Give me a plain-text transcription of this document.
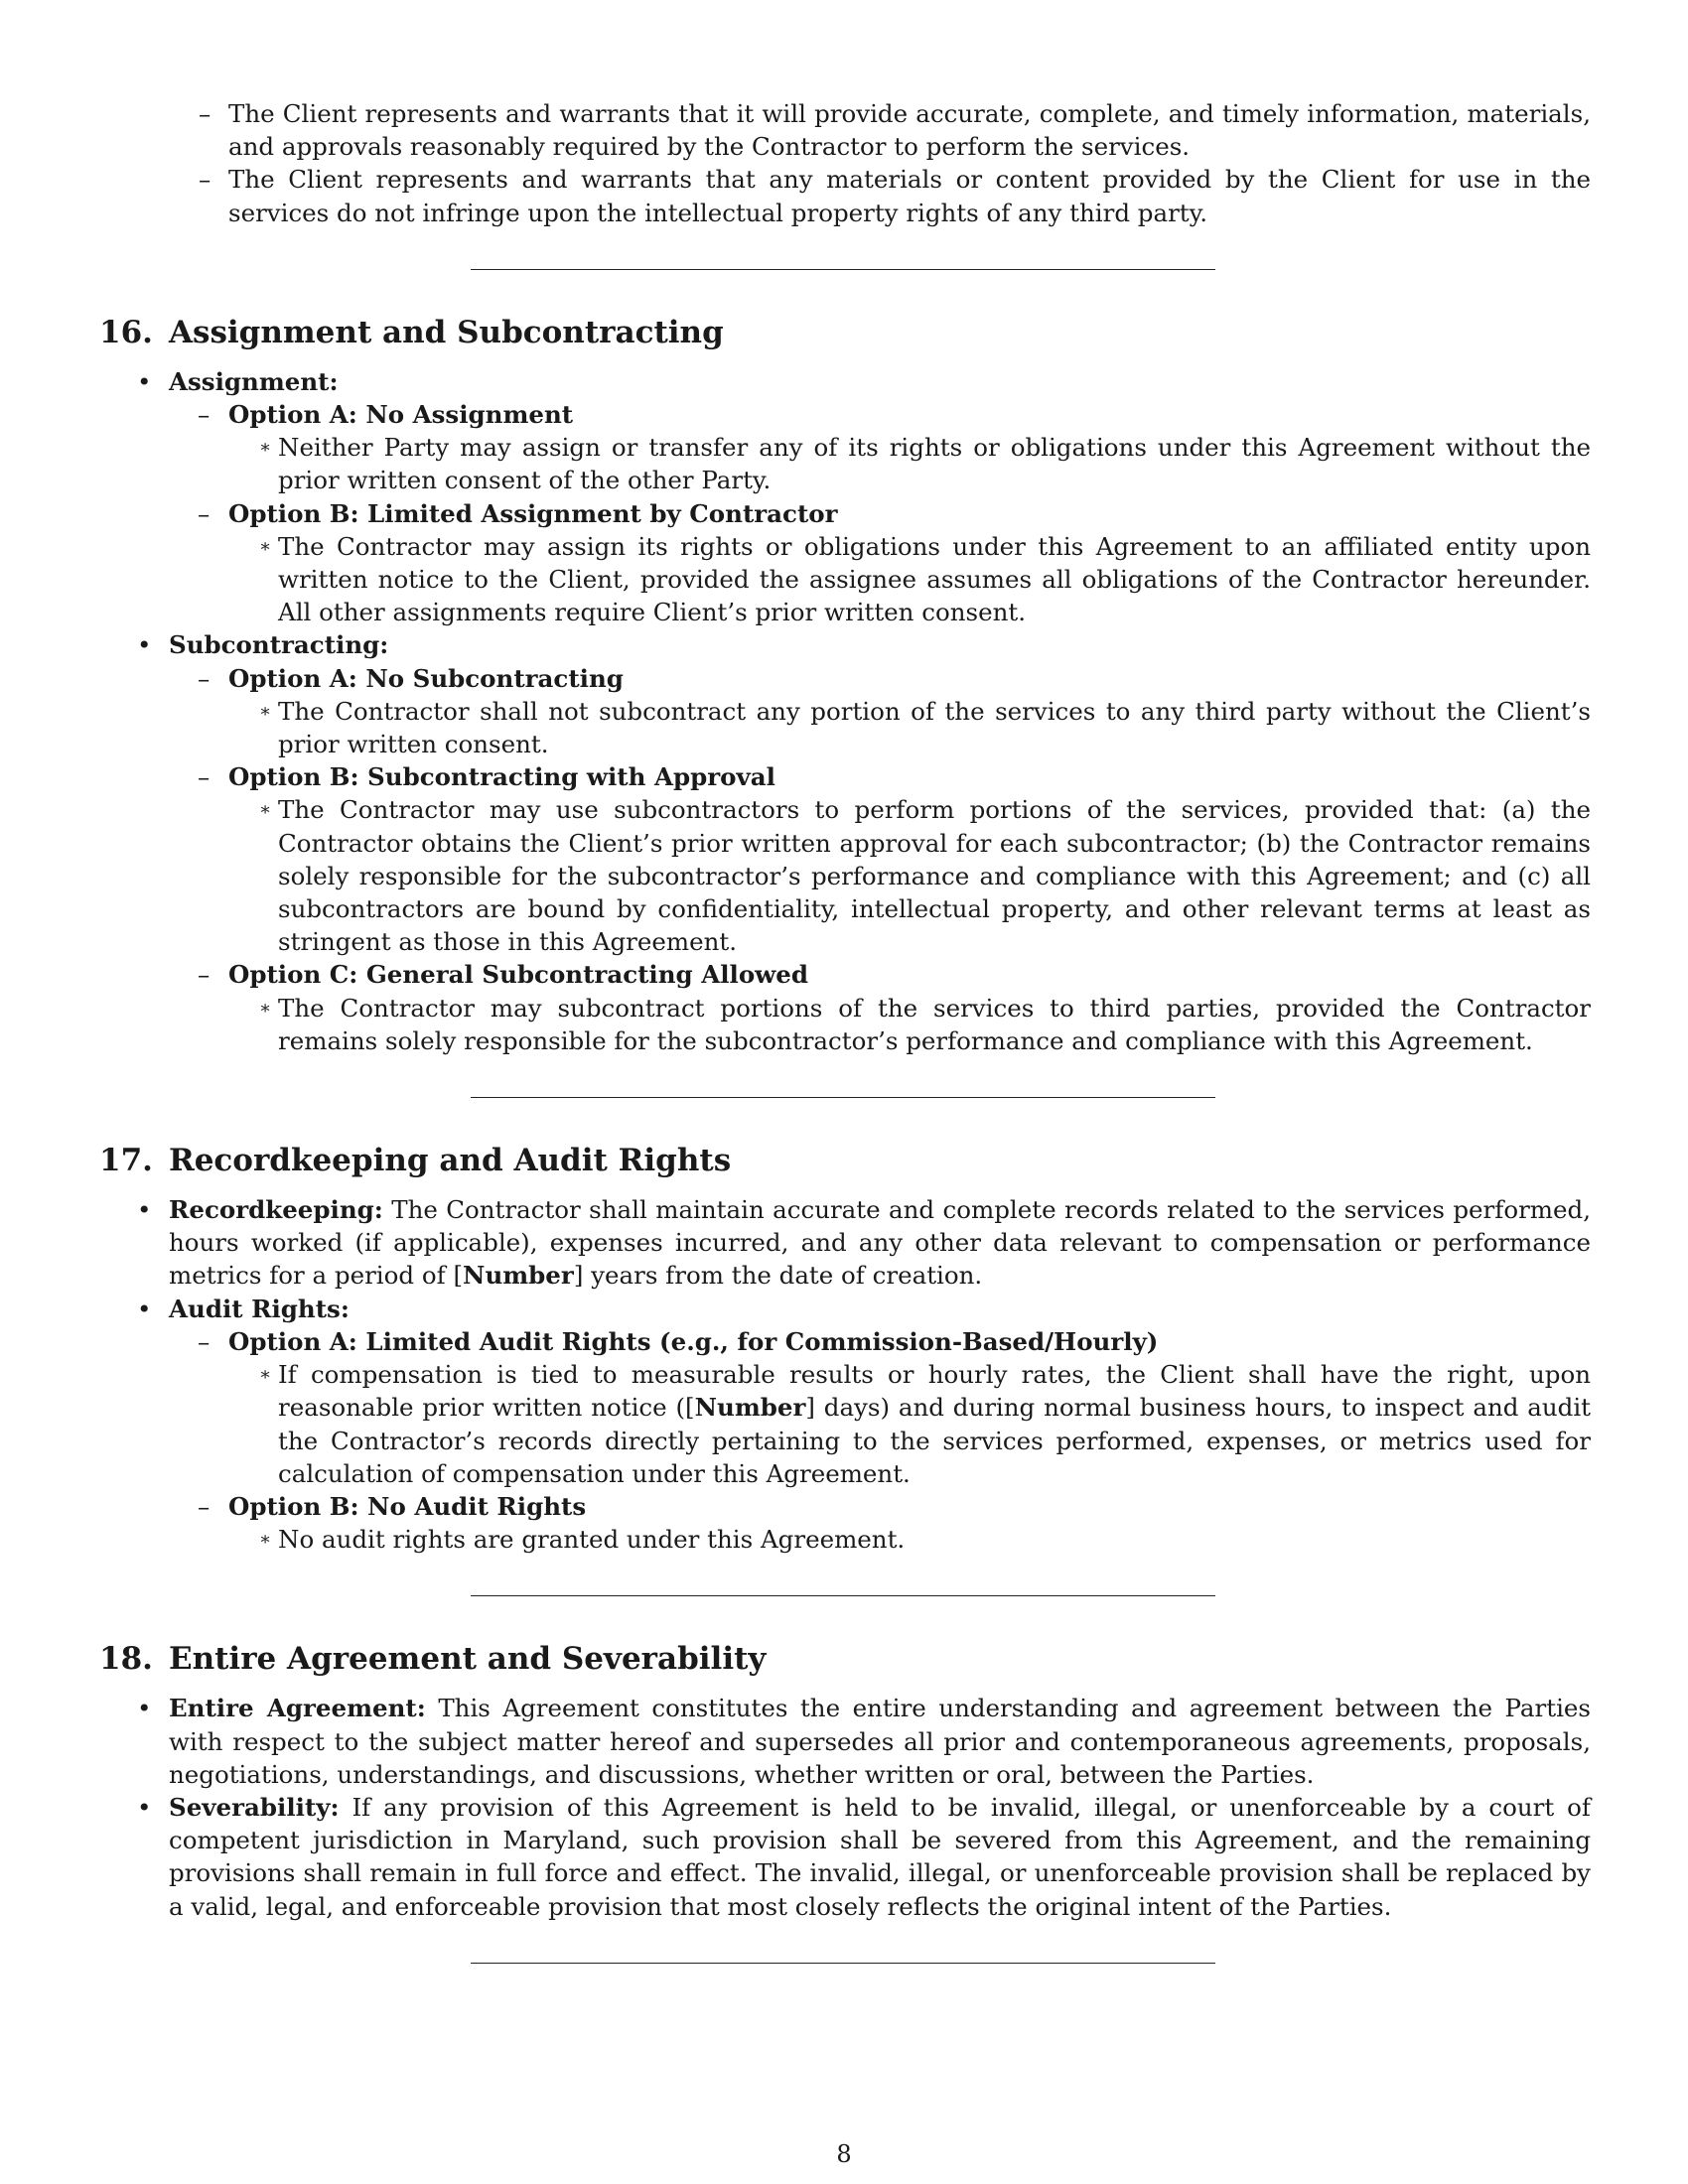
– The Client represents and warrants that it will provide accurate, complete, and timely information, materials, and approvals reasonably required by the Contractor to perform the services.
– The Client represents and warrants that any materials or content provided by the Client for use in the services do not infringe upon the intellectual property rights of any third party.
16. Assignment and Subcontracting
• Assignment:
– Option A: No Assignment
∗ Neither Party may assign or transfer any of its rights or obligations under this Agreement without the prior written consent of the other Party.
– Option B: Limited Assignment by Contractor
∗ The Contractor may assign its rights or obligations under this Agreement to an affiliated entity upon written notice to the Client, provided the assignee assumes all obligations of the Contractor hereunder. All other assignments require Client’s prior written consent.
• Subcontracting:
– Option A: No Subcontracting
∗ The Contractor shall not subcontract any portion of the services to any third party without the Client’s prior written consent.
– Option B: Subcontracting with Approval
∗ The Contractor may use subcontractors to perform portions of the services, provided that: (a) the Contractor obtains the Client’s prior written approval for each subcontractor; (b) the Contractor remains solely responsible for the subcontractor’s performance and compliance with this Agreement; and (c) all subcontractors are bound by confidentiality, intellectual property, and other relevant terms at least as stringent as those in this Agreement.
– Option C: General Subcontracting Allowed
∗ The Contractor may subcontract portions of the services to third parties, provided the Contractor remains solely responsible for the subcontractor’s performance and compliance with this Agreement.
17. Recordkeeping and Audit Rights
• Recordkeeping: The Contractor shall maintain accurate and complete records related to the services performed, hours worked (if applicable), expenses incurred, and any other data relevant to compensation or performance metrics for a period of [Number] years from the date of creation.
• Audit Rights:
– Option A: Limited Audit Rights (e.g., for Commission-Based/Hourly)
∗ If compensation is tied to measurable results or hourly rates, the Client shall have the right, upon reasonable prior written notice ([Number] days) and during normal business hours, to inspect and audit the Contractor’s records directly pertaining to the services performed, expenses, or metrics used for calculation of compensation under this Agreement.
– Option B: No Audit Rights
∗ No audit rights are granted under this Agreement.
18. Entire Agreement and Severability
• Entire Agreement: This Agreement constitutes the entire understanding and agreement between the Parties with respect to the subject matter hereof and supersedes all prior and contemporaneous agreements, proposals, negotiations, understandings, and discussions, whether written or oral, between the Parties.
• Severability: If any provision of this Agreement is held to be invalid, illegal, or unenforceable by a court of competent jurisdiction in Maryland, such provision shall be severed from this Agreement, and the remaining provisions shall remain in full force and effect. The invalid, illegal, or unenforceable provision shall be replaced by a valid, legal, and enforceable provision that most closely reflects the original intent of the Parties.
8
